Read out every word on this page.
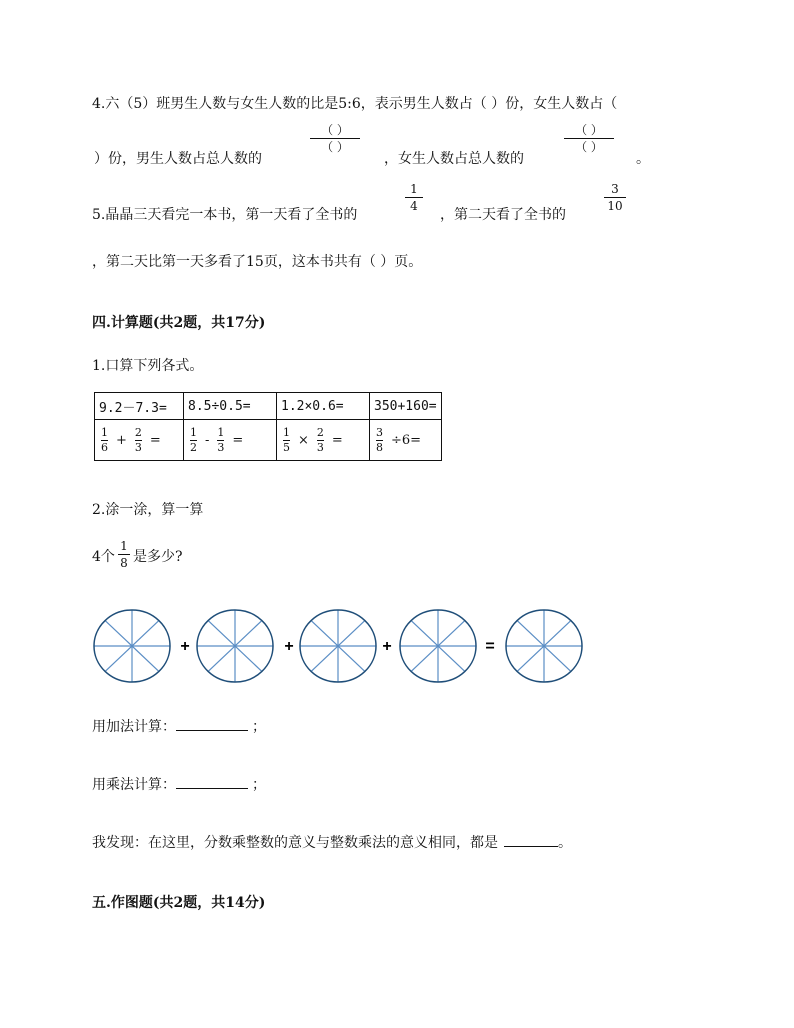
4.六（5）班男生人数与女生人数的比是5:6，表示男生人数占（ ）份，女生人数占（
）份，男生人数占总人数的
（ ）
（ ）
，女生人数占总人数的
（ ）
（ ）
。
5.晶晶三天看完一本书，第一天看了全书的
1
4
，第二天看了全书的
3
10
，第二天比第一天多看了15页，这本书共有（ ）页。
四.计算题(共2题，共17分)
1.口算下列各式。
9.2－7.3=	8.5÷0.5=	1.2×0.6=	350+160=
$\frac{1}{6} + \frac{2}{3}$ =	$\frac{1}{2} - \frac{1}{3}$ =	$\frac{1}{5} \times \frac{2}{3}$ =	$\frac{3}{8} \div 6=$
2.涂一涂，算一算
4个
1
8 是多少?
+	+	+	=
用加法计算：	；
用乘法计算：	；
我发现：在这里，分数乘整数的意义与整数乘法的意义相同，都是	。
五.作图题(共2题，共14分)
